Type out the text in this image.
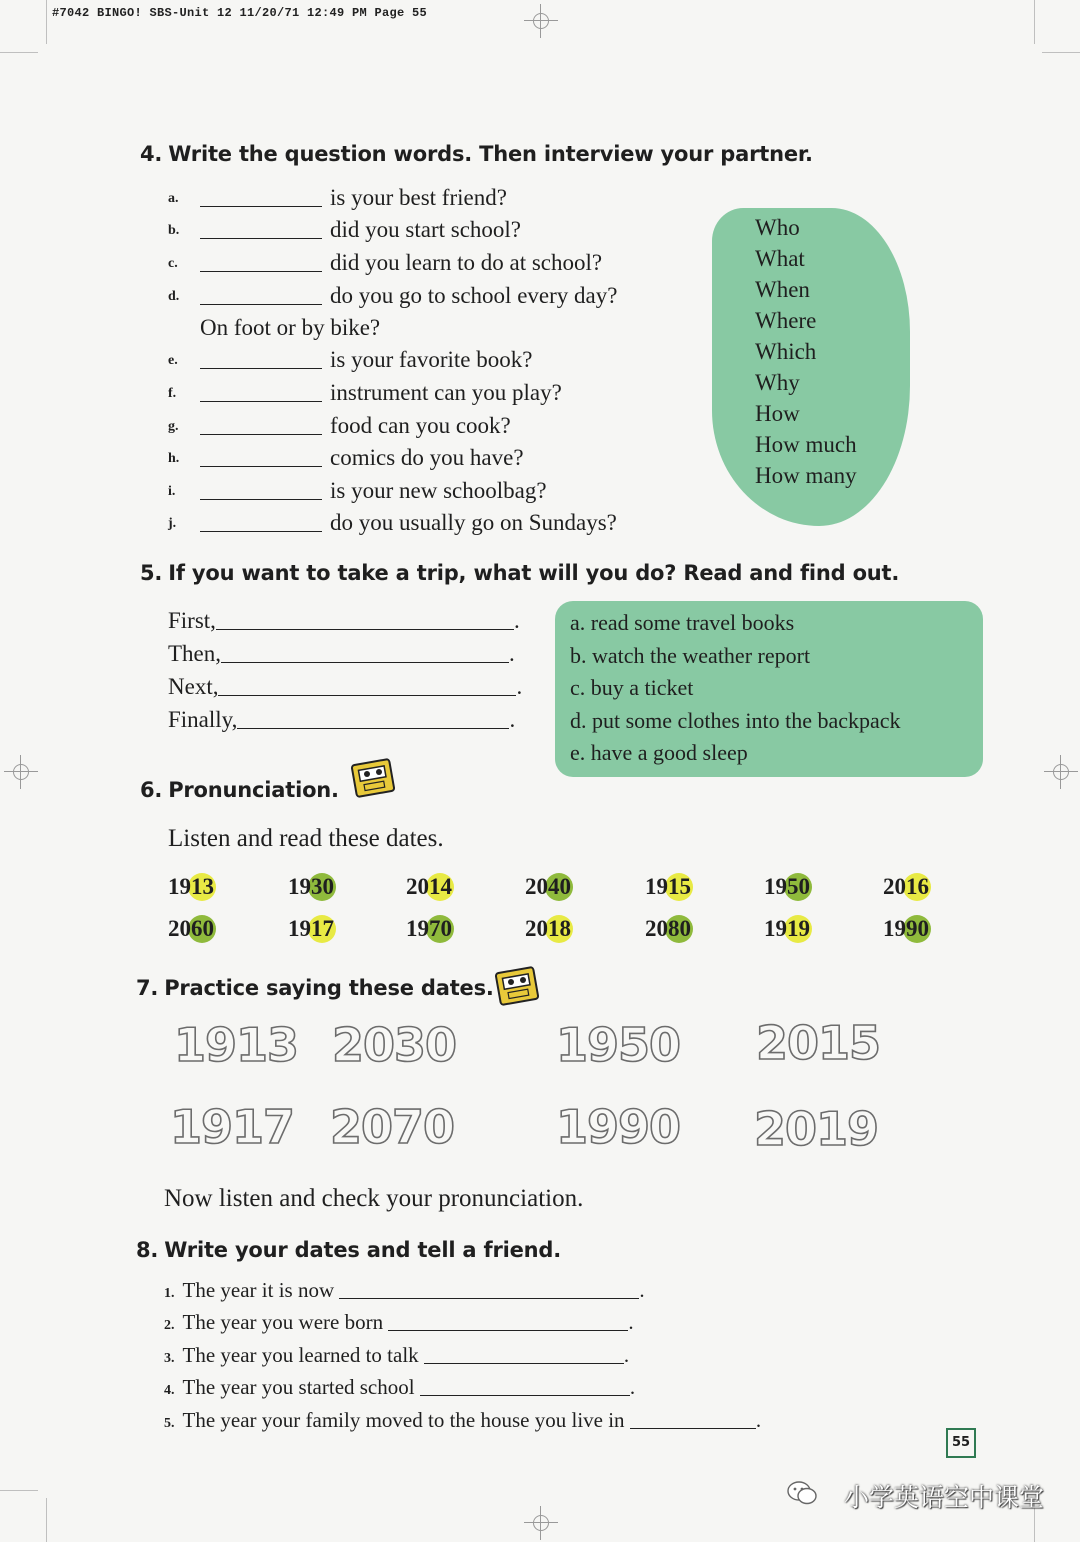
#7042 BINGO! SBS-Unit 12 11/20/71 12:49 PM Page 55
4. Write the question words. Then interview your partner.
Who
What
When
Where
Which
Why
How
How much
How many
a.	is your best friend?
b.	did you start school?
c.	did you learn to do at school?
d.	do you go to school every day?
On foot or by bike?
e.	is your favorite book?
f.	instrument can you play?
g.	food can you cook?
h.	comics do you have?
i.	is your new schoolbag?
j.	do you usually go on Sundays?
5. If you want to take a trip, what will you do? Read and find out.
First,	.
Then,	.
Next,	.
Finally,	.
a. read some travel books
b. watch the weather report
c. buy a ticket
d. put some clothes into the backpack
e. have a good sleep
6. Pronunciation.
Listen and read these dates.
1913	1930	2014	2040	1915	1950	2016
2060	1917	1970	2018	2080	1919	1990
7. Practice saying these dates.
1913 2030 1950 2015
1917 2070 1990 2019
Now listen and check your pronunciation.
8. Write your dates and tell a friend.
1. The year it is now	.
2. The year you were born	.
3. The year you learned to talk	.
4. The year you started school	.
5. The year your family moved to the house you live in	.
55
小学英语空中课堂
